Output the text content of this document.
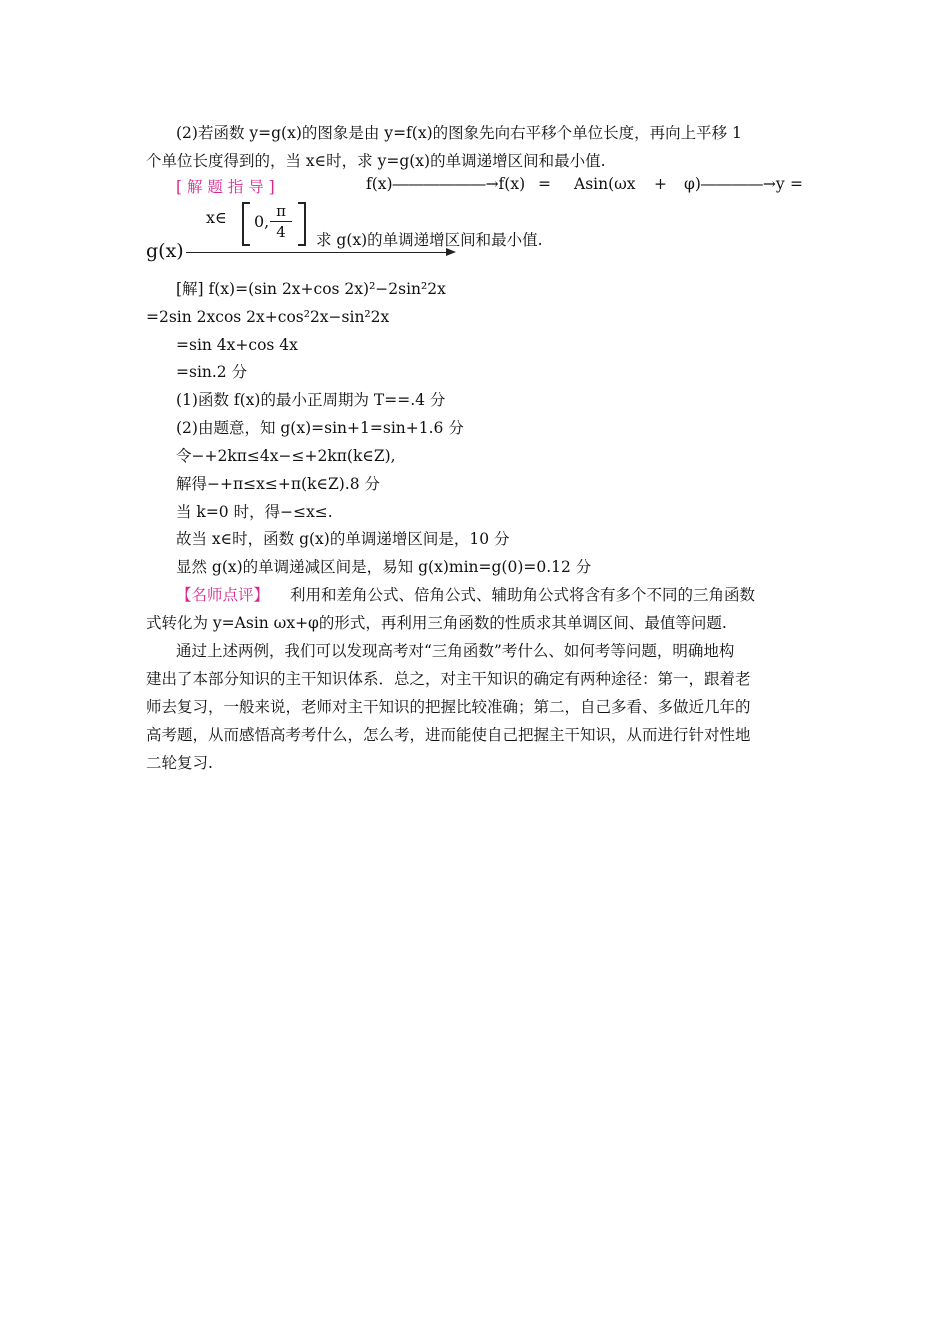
(2)若函数 y=g(x)的图象是由 y=f(x)的图象先向右平移个单位长度，再向上平移 1
个单位长度得到的，当 x∈时，求 y=g(x)的单调递增区间和最小值.
[ 解 题 指 导 ]	f(x)――――――→f(x) = Asin(ωx + φ)――――→y =
g(x)
x∈ 0,
π
4	求 g(x)的单调递增区间和最小值.
[解] f(x)=(sin 2x+cos 2x)²−2sin²2x
=2sin 2xcos 2x+cos²2x−sin²2x
=sin 4x+cos 4x
=sin.2 分
(1)函数 f(x)的最小正周期为 T==.4 分
(2)由题意，知 g(x)=sin+1=sin+1.6 分
令−+2kπ≤4x−≤+2kπ(k∈Z),
解得−+π≤x≤+π(k∈Z).8 分
当 k=0 时，得−≤x≤.
故当 x∈时，函数 g(x)的单调递增区间是，10 分
显然 g(x)的单调递减区间是，易知 g(x)min=g(0)=0.12 分
【名师点评】 利用和差角公式、倍角公式、辅助角公式将含有多个不同的三角函数
式转化为 y=Asin ωx+φ的形式，再利用三角函数的性质求其单调区间、最值等问题.
通过上述两例，我们可以发现高考对“三角函数”考什么、如何考等问题，明确地构
建出了本部分知识的主干知识体系．总之，对主干知识的确定有两种途径：第一，跟着老
师去复习，一般来说，老师对主干知识的把握比较准确；第二，自己多看、多做近几年的
高考题，从而感悟高考考什么，怎么考，进而能使自己把握主干知识，从而进行针对性地
二轮复习.
